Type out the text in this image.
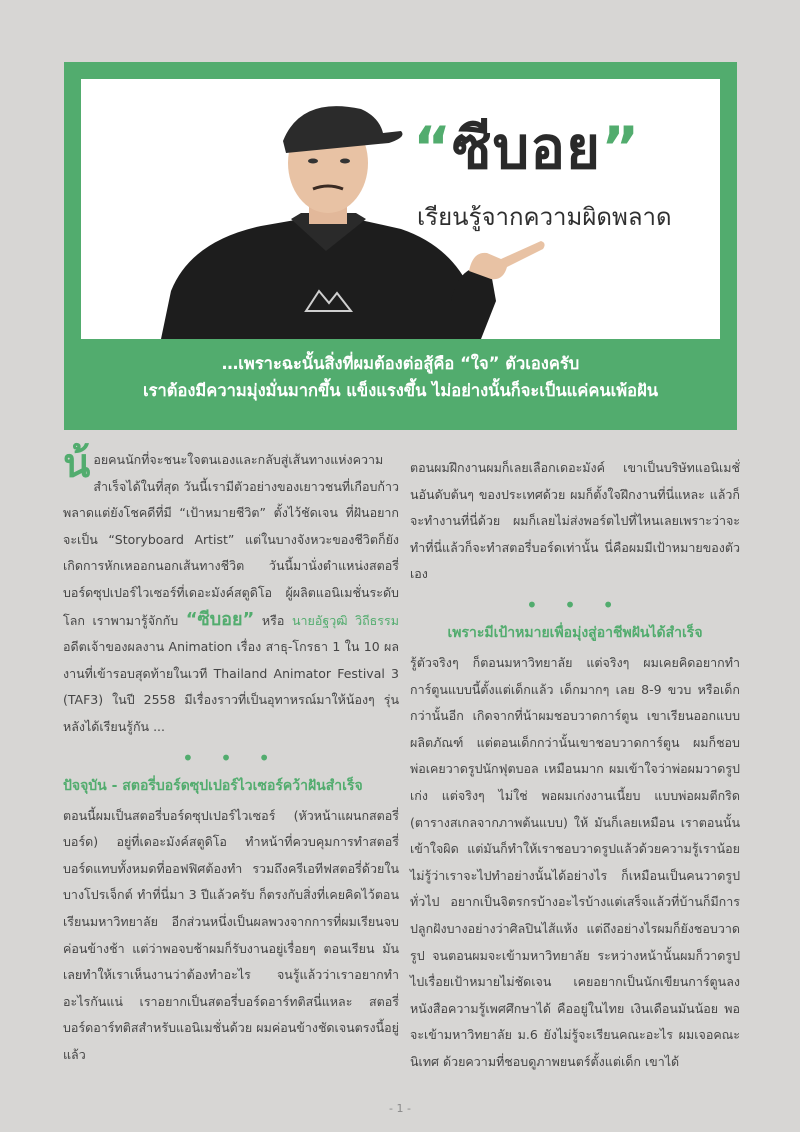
“ซีบอย”
เรียนรู้จากความผิดพลาด
…เพราะฉะนั้นสิ่งที่ผมต้องต่อสู้คือ “ใจ” ตัวเองครับ
เราต้องมีความมุ่งมั่นมากขึ้น แข็งแรงขึ้น ไม่อย่างนั้นก็จะเป็นแค่คนเพ้อฝัน

น้อยคนนักที่จะชนะใจตนเองและกลับสู่เส้นทางแห่งความสำเร็จได้ในที่สุด วันนี้เรามีตัวอย่างของเยาวชนที่เกือบก้าวพลาดแต่ยังโชคดีที่มี “เป้าหมายชีวิต” ตั้งไว้ชัดเจน ที่ฝันอยากจะเป็น “Storyboard Artist” แต่ในบางจังหวะของชีวิตก็ยังเกิดการหักเหออกนอกเส้นทางชีวิต วันนี้มานั่งตำแหน่งสตอรี่บอร์ดซุปเปอร์ไวเซอร์ที่เดอะมังค์สตูดิโอ ผู้ผลิตแอนิเมชั่นระดับโลก เราพามารู้จักกับ “ซีบอย” หรือ นายอัฐวุฒิ วิถีธรรม อดีตเจ้าของผลงาน Animation เรื่อง สาธุ-โกรธา 1 ใน 10 ผลงานที่เข้ารอบสุดท้ายในเวที Thailand Animator Festival 3 (TAF3) ในปี 2558 มีเรื่องราวที่เป็นอุทาหรณ์มาให้น้องๆ รุ่นหลังได้เรียนรู้กัน ...

• • •
ปัจจุบัน - สตอรี่บอร์ดซุปเปอร์ไวเซอร์คว้าฝันสำเร็จ

ตอนนี้ผมเป็นสตอรี่บอร์ดซุปเปอร์ไวเซอร์ (หัวหน้าแผนกสตอรี่บอร์ด) อยู่ที่เดอะมังค์สตูดิโอ ทำหน้าที่ควบคุมการทำสตอรี่บอร์ดแทบทั้งหมดที่ออฟฟิศต้องทำ รวมถึงครีเอทีฟสตอรี่ด้วยในบางโปรเจ็กต์ ทำที่นี่มา 3 ปีแล้วครับ ก็ตรงกับสิ่งที่เคยคิดไว้ตอนเรียนมหาวิทยาลัย อีกส่วนหนึ่งเป็นผลพวงจากการที่ผมเรียนจบค่อนข้างช้า แต่ว่าพอจบช้าผมก็รับงานอยู่เรื่อยๆ ตอนเรียน มันเลยทำให้เราเห็นงานว่าต้องทำอะไร จนรู้แล้วว่าเราอยากทำอะไรกันแน่ เราอยากเป็นสตอรี่บอร์ดอาร์ทติสนี่แหละ สตอรี่บอร์ดอาร์ทติสสำหรับแอนิเมชั่นด้วย ผมค่อนข้างชัดเจนตรงนี้อยู่แล้ว

ตอนผมฝึกงานผมก็เลยเลือกเดอะมังค์ เขาเป็นบริษัทแอนิเมชั่นอันดับต้นๆ ของประเทศด้วย ผมก็ตั้งใจฝึกงานที่นี่แหละ แล้วก็จะทำงานที่นี่ด้วย ผมก็เลยไม่ส่งพอร์ตไปที่ไหนเลยเพราะว่าจะทำที่นี่แล้วก็จะทำสตอรี่บอร์ดเท่านั้น นี่คือผมมีเป้าหมายของตัวเอง

• • •
เพราะมีเป้าหมายเพื่อมุ่งสู่อาชีพฝันได้สำเร็จ

รู้ตัวจริงๆ ก็ตอนมหาวิทยาลัย แต่จริงๆ ผมเคยคิดอยากทำการ์ตูนแบบนี้ตั้งแต่เด็กแล้ว เด็กมากๆ เลย 8-9 ขวบ หรือเด็กกว่านั้นอีก เกิดจากที่น้าผมชอบวาดการ์ตูน เขาเรียนออกแบบผลิตภัณฑ์ แต่ตอนเด็กกว่านั้นเขาชอบวาดการ์ตูน ผมก็ชอบ พ่อเคยวาดรูปนักฟุตบอล เหมือนมาก ผมเข้าใจว่าพ่อผมวาดรูปเก่ง แต่จริงๆ ไม่ใช่ พอผมเก่งงานเนี้ยบ แบบพ่อผมตีกริด (ตารางสเกลจากภาพต้นแบบ) ให้ มันก็เลยเหมือน เราตอนนั้นเข้าใจผิด แต่มันก็ทำให้เราชอบวาดรูปแล้วด้วยความรู้เราน้อย ไม่รู้ว่าเราจะไปทำอย่างนั้นได้อย่างไร ก็เหมือนเป็นคนวาดรูปทั่วไป อยากเป็นจิตรกรบ้างอะไรบ้างแต่เสร็จแล้วที่บ้านก็มีการปลูกฝังบางอย่างว่าศิลปินไส้แห้ง แต่ถึงอย่างไรผมก็ยังชอบวาดรูป จนตอนผมจะเข้ามหาวิทยาลัย ระหว่างหน้านั้นผมก็วาดรูปไปเรื่อยเป้าหมายไม่ชัดเจน เคยอยากเป็นนักเขียนการ์ตูนลงหนังสือความรู้เพศศึกษาได้ คืออยู่ในไทย เงินเดือนมันน้อย พอจะเข้ามหาวิทยาลัย ม.6 ยังไม่รู้จะเรียนคณะอะไร ผมเจอคณะนิเทศ ด้วยความที่ชอบดูภาพยนตร์ตั้งแต่เด็ก เขาได้

- 1 -
